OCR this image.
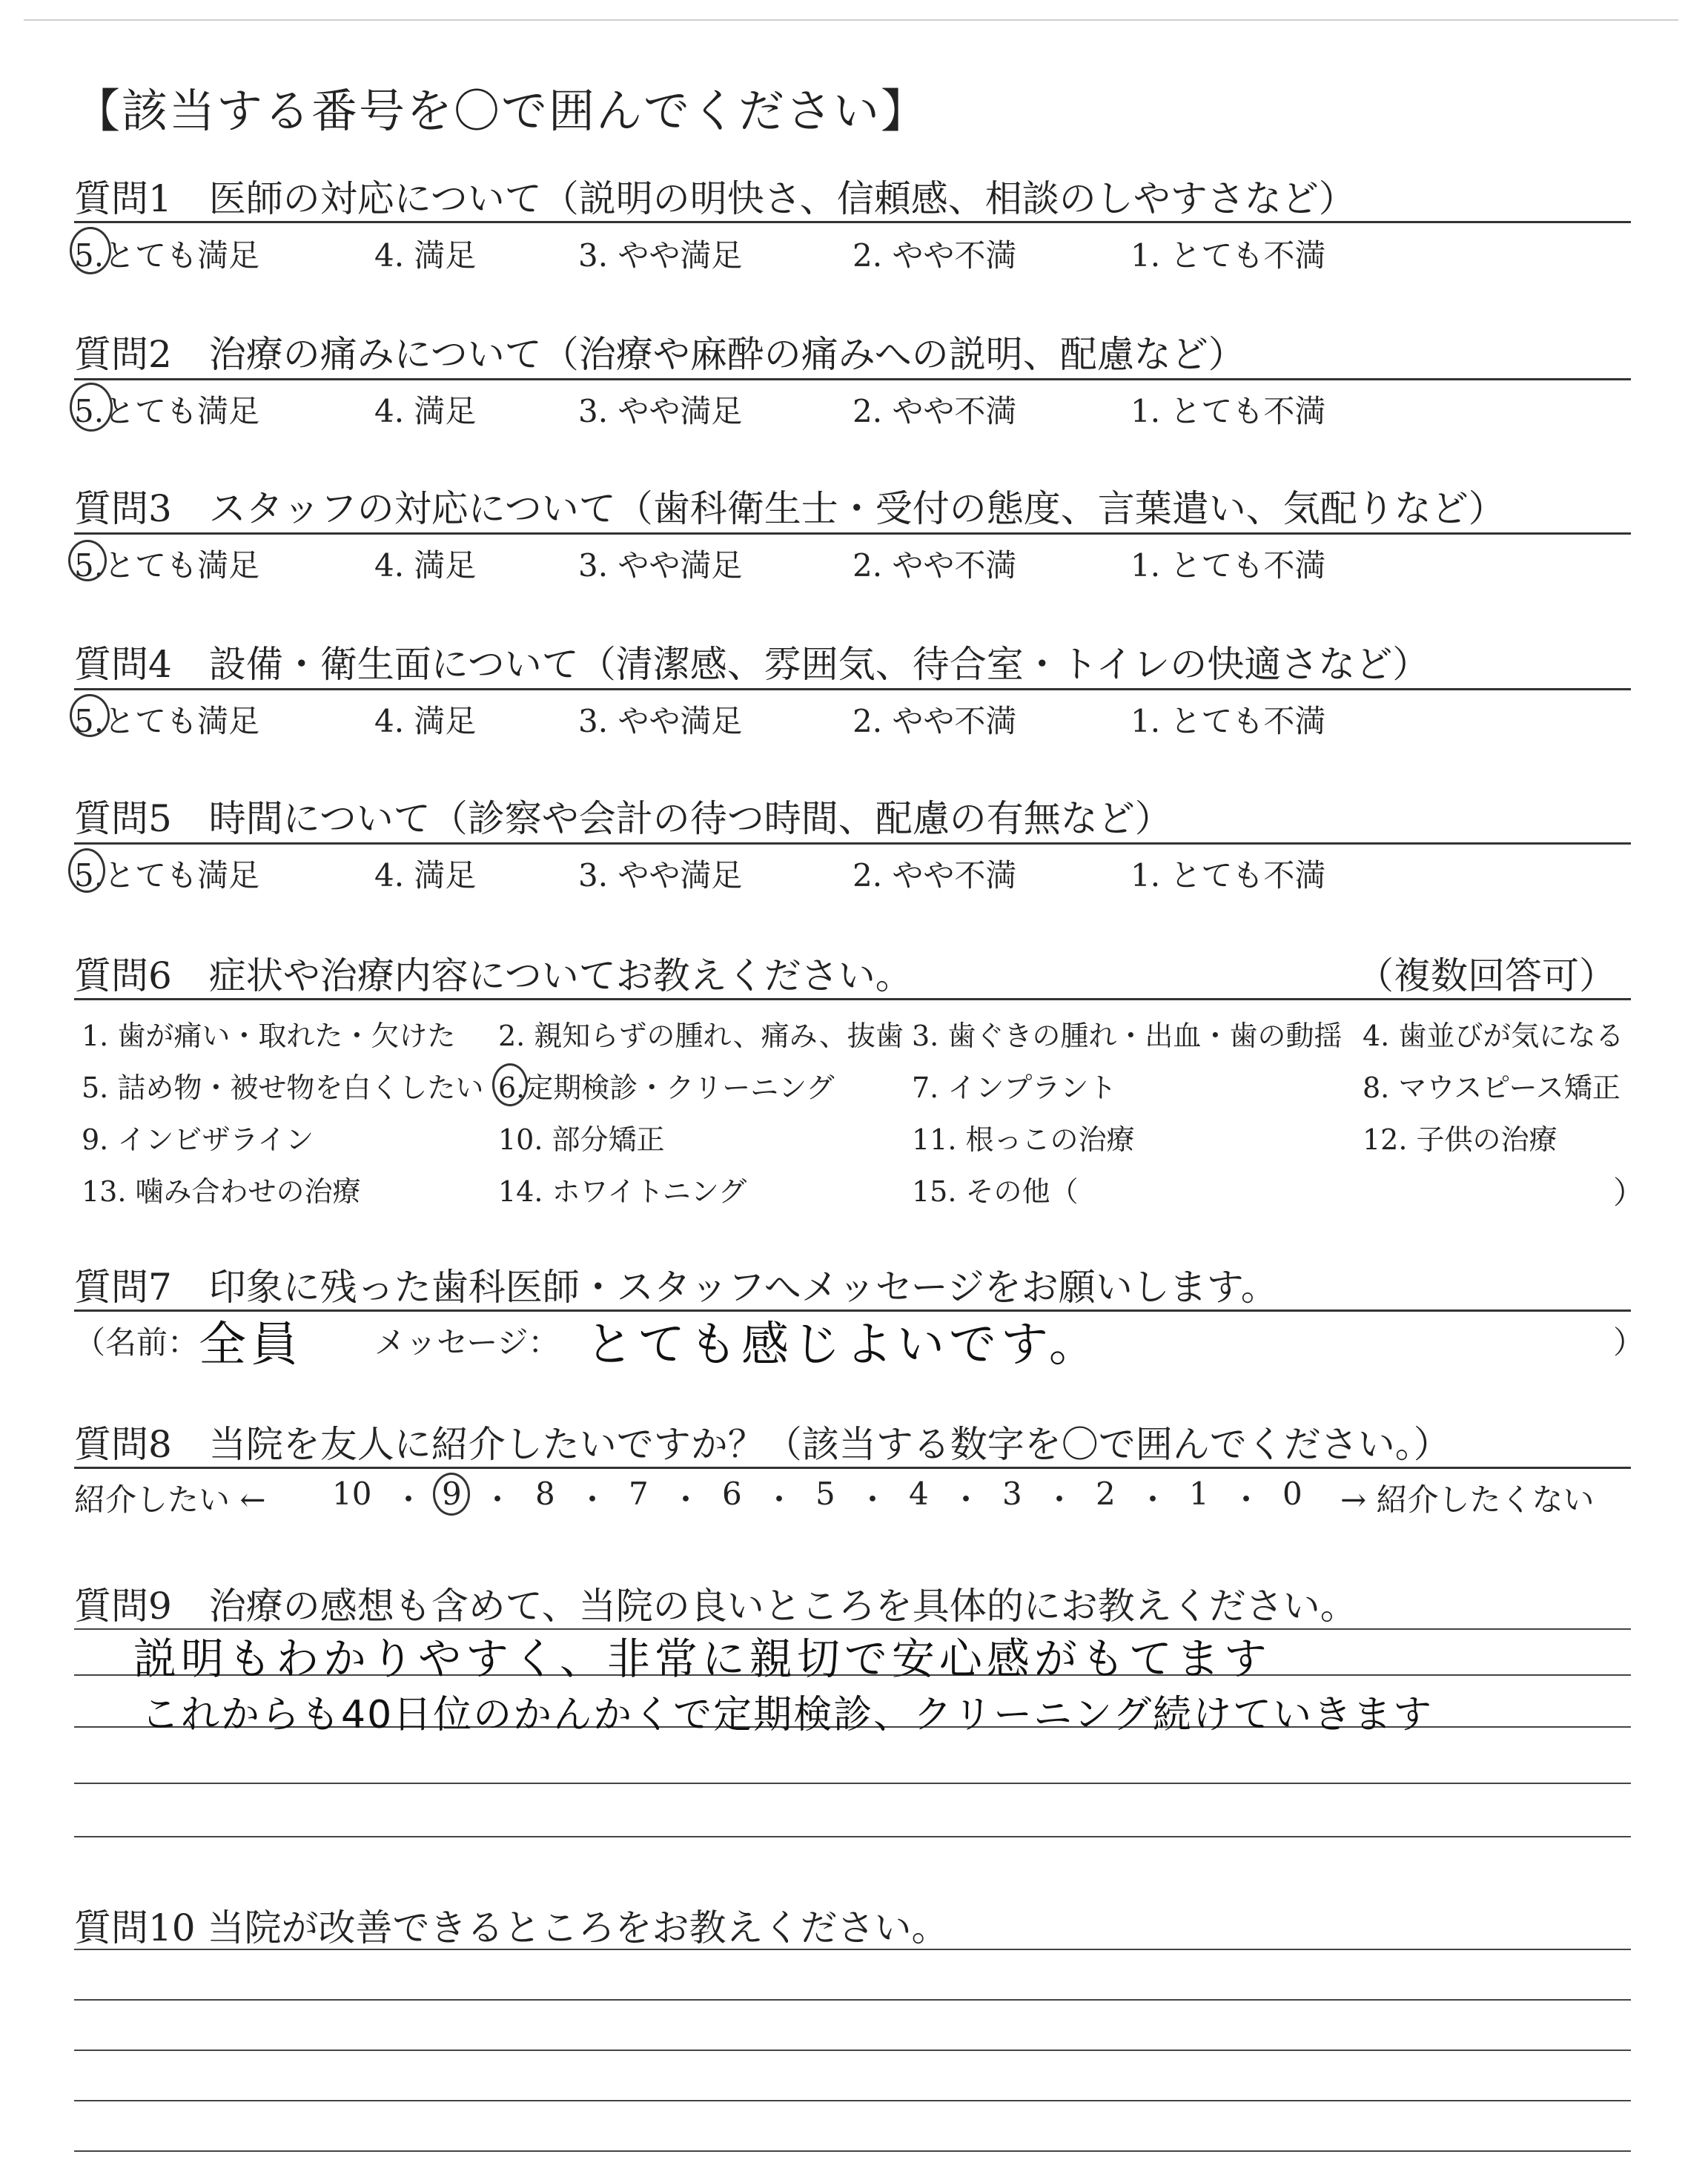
【該当する番号を〇で囲んでください】
質問1　医師の対応について（説明の明快さ、信頼感、相談のしやすさなど）
5.とても満足	4. 満足	3. やや満足	2. やや不満	1. とても不満
質問2　治療の痛みについて（治療や麻酔の痛みへの説明、配慮など）
5.とても満足	4. 満足	3. やや満足	2. やや不満	1. とても不満
質問3　スタッフの対応について（歯科衛生士・受付の態度、言葉遣い、気配りなど）
5.とても満足	4. 満足	3. やや満足	2. やや不満	1. とても不満
質問4　設備・衛生面について（清潔感、雰囲気、待合室・トイレの快適さなど）
5.とても満足	4. 満足	3. やや満足	2. やや不満	1. とても不満
質問5　時間について（診察や会計の待つ時間、配慮の有無など）
5.とても満足	4. 満足	3. やや満足	2. やや不満	1. とても不満
質問6　症状や治療内容についてお教えください。	（複数回答可）
1. 歯が痛い・取れた・欠けた 2. 親知らずの腫れ、痛み、抜歯 3. 歯ぐきの腫れ・出血・歯の動揺 4. 歯並びが気になる
5. 詰め物・被せ物を白くしたい 6.定期検診・クリーニング	7. インプラント	8. マウスピース矯正
9. インビザライン	10. 部分矯正	11. 根っこの治療	12. 子供の治療
13. 噛み合わせの治療	14. ホワイトニング	15. その他（	）
質問7　印象に残った歯科医師・スタッフへメッセージをお願いします。
（名前： 全員 メッセージ： とても感じよいです。	）
質問8　当院を友人に紹介したいですか？（該当する数字を〇で囲んでください。）
紹介したい ← 10 ・ 9 ・ 8 ・ 7 ・ 6 ・ 5 ・ 4 ・ 3 ・ 2 ・ 1 ・ 0 → 紹介したくない
質問9　治療の感想も含めて、当院の良いところを具体的にお教えください。
説明もわかりやすく、非常に親切で安心感がもてます
これからも40日位のかんかくで定期検診、クリーニング続けていきます
質問10 当院が改善できるところをお教えください。
